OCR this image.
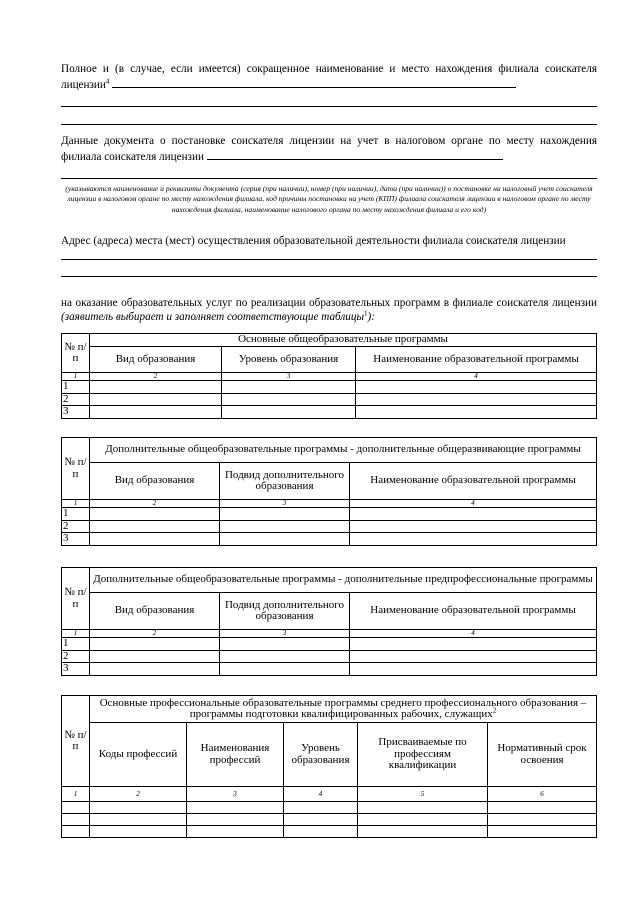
Полное и (в случае, если имеется) сокращенное наименование и место нахождения филиала соискателя лицензии$^4$
Данные документа о постановке соискателя лицензии на учет в налоговом органе по месту нахождения филиала соискателя лицензии
(указываются наименование и реквизиты документа (серия (при наличии), номер (при наличии), дата (при наличии)) о постановке на налоговый учет соискателя лицензии в налоговом органе по месту нахождения филиала, код причины постановки на учет (КПП) филиала соискателя лицензии в налоговом органе по месту нахождения филиала, наименование налогового органа по месту нахождения филиала и его код)
Адрес (адреса) места (мест) осуществления образовательной деятельности филиала соискателя лицензии
на оказание образовательных услуг по реализации образовательных программ в филиале соискателя лицензии (заявитель выбирает и заполняет соответствующие таблицы$^1$):
№ п/п	Основные общеобразовательные программы		
	Вид образования	Уровень образования	Наименование образовательной программы
1	2	3	4
1			
2			
3			
№ п/п	Дополнительные общеобразовательные программы - дополнительные общеразвивающие программы		
	Вид образования	Подвид дополнительного образования	Наименование образовательной программы
1	2	3	4
1			
2			
3			
№ п/п	Дополнительные общеобразовательные программы - дополнительные предпрофессиональные программы		
	Вид образования	Подвид дополнительного образования	Наименование образовательной программы
1	2	3	4
1			
2			
3			
№ п/п	Основные профессиональные образовательные программы среднего профессионального образования – программы подготовки квалифицированных рабочих, служащих$^2$
	Коды профессий	Наименования профессий	Уровень образования	Присваиваемые по профессиям квалификации	Нормативный срок освоения
1	2	3	4	5	6
